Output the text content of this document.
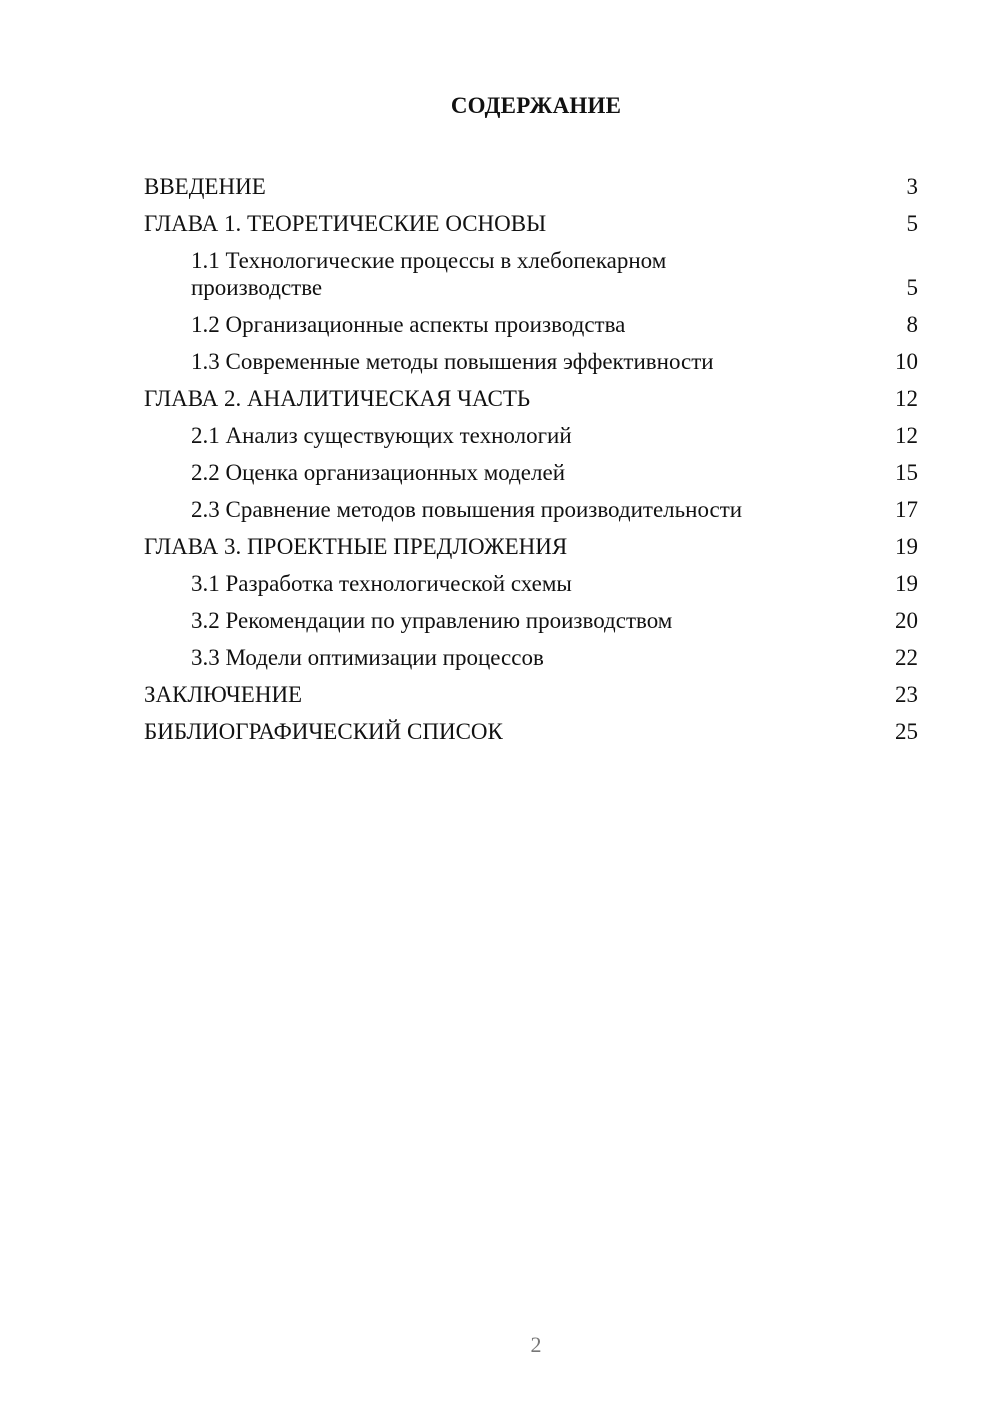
СОДЕРЖАНИЕ
ВВЕДЕНИЕ	3
ГЛАВА 1. ТЕОРЕТИЧЕСКИЕ ОСНОВЫ	5
1.1 Технологические процессы в хлебопекарном производстве	5
1.2 Организационные аспекты производства	8
1.3 Современные методы повышения эффективности	10
ГЛАВА 2. АНАЛИТИЧЕСКАЯ ЧАСТЬ	12
2.1 Анализ существующих технологий	12
2.2 Оценка организационных моделей	15
2.3 Сравнение методов повышения производительности	17
ГЛАВА 3. ПРОЕКТНЫЕ ПРЕДЛОЖЕНИЯ	19
3.1 Разработка технологической схемы	19
3.2 Рекомендации по управлению производством	20
3.3 Модели оптимизации процессов	22
ЗАКЛЮЧЕНИЕ	23
БИБЛИОГРАФИЧЕСКИЙ СПИСОК	25
2
